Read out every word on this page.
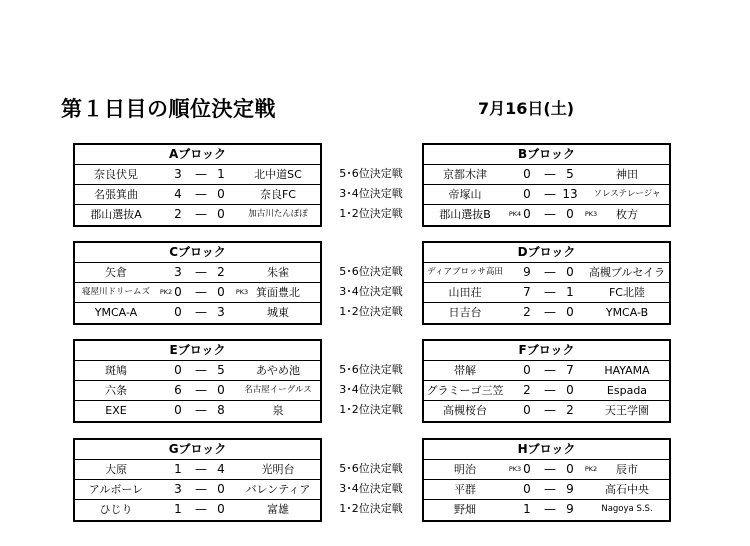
第１日目の順位決定戦	7月16日(土)
Aブロック
奈良伏見	3 — 1	北中道SC
名張箕曲	4 — 0	奈良FC
郡山選抜A	2 — 0	加古川たんぽぽ
Bブロック
京都木津	0 — 5	神田
帝塚山	0 — 13	ソレステレージャ
郡山選抜B	PK4 0 — 0	PK3	枚方
Cブロック
矢倉	3 — 2	朱雀
寝屋川ドリームズ	PK2 0 — 0	PK3 箕面豊北
YMCA-A	0 — 3	城東
Dブロック
ディアブロッサ高田 9 — 0	高槻ブルセイラ
山田荘	7 — 1	FC北陸
日吉台	2 — 0	YMCA-B
Eブロック
斑鳩	0 — 5	あやめ池
六条	6 — 0	名古屋イーグルス
EXE	0 — 8	泉
Fブロック
帯解	0 — 7	HAYAMA
グラミーゴ三笠 2 — 0	Espada
高槻桜台	0 — 2	天王学園
Gブロック
大原	1 — 4	光明台
アルボーレ	3 — 0	バレンティア
ひじり	1 — 0	富雄
Hブロック
明治	PK3 0 — 0	PK2	辰市
平群	0 — 9	高石中央
野畑	1 — 9	Nagoya S.S.
5･6位決定戦
3･4位決定戦
1･2位決定戦
5･6位決定戦
3･4位決定戦
1･2位決定戦
5･6位決定戦
3･4位決定戦
1･2位決定戦
5･6位決定戦
3･4位決定戦
1･2位決定戦
